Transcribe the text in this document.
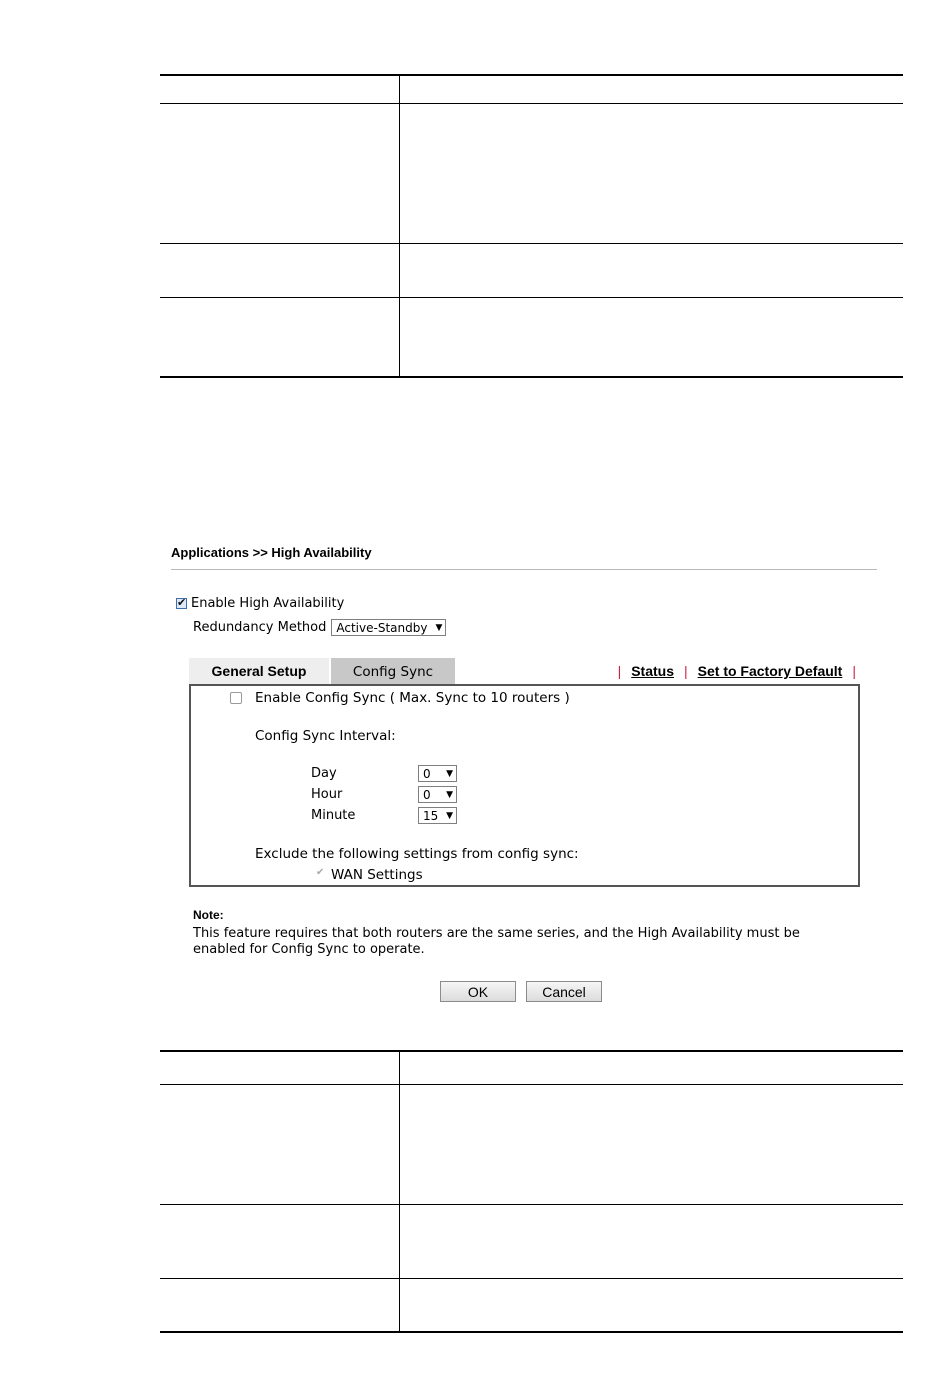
Applications >> High Availability
✔
Enable High Availability
Redundancy Method Active-Standby ▼
General Setup	Config Sync	| Status | Set to Factory Default |
Enable Config Sync ( Max. Sync to 10 routers )
Config Sync Interval:
Day	0 ▼
Hour	0 ▼
Minute	15 ▼
Exclude the following settings from config sync:
✔
WAN Settings
Note:
This feature requires that both routers are the same series, and the High Availability must be enabled for Config Sync to operate.
OK	Cancel
